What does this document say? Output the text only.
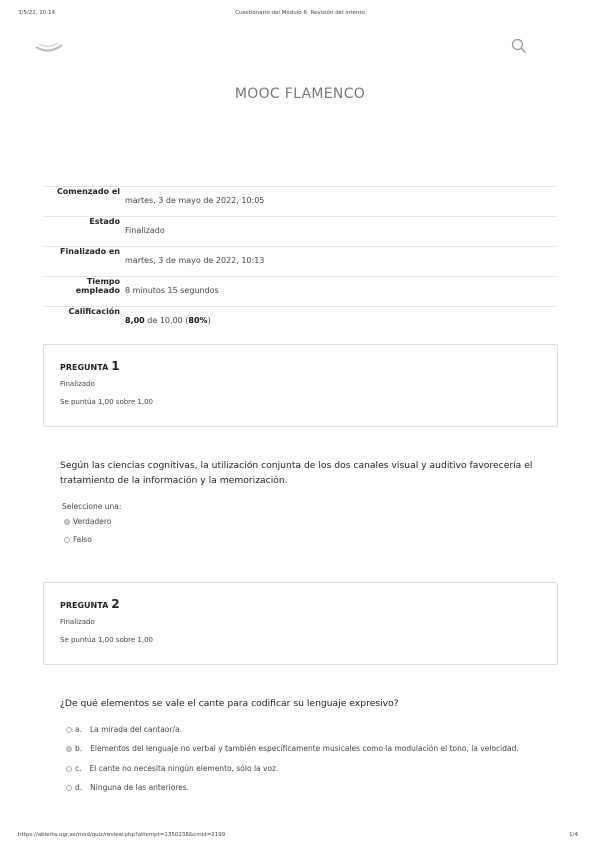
3/5/22, 10:14	Cuestionario del Módulo 6: Revisión del intento
https://abierta.ugr.es/mod/quiz/review.php?attempt=1350238&cmid=2199	1/4
MOOC FLAMENCO
Comenzado el
martes, 3 de mayo de 2022, 10:05
Estado
Finalizado
Finalizado en
martes, 3 de mayo de 2022, 10:13
Tiempo empleado 8 minutos 15 segundos
Calificación
8,00 de 10,00 (80%)
PREGUNTA 1
Finalizado
Se puntúa 1,00 sobre 1,00
Según las ciencias cognitivas, la utilización conjunta de los dos canales visual y auditivo favorecería el tratamiento de la información y la memorización.
Seleccione una:
Verdadero
Falso
PREGUNTA 2
Finalizado
Se puntúa 1,00 sobre 1,00
¿De qué elementos se vale el cante para codificar su lenguaje expresivo?
a. La mirada del cantaor/a.
b. Elementos del lenguaje no verbal y también específicamente musicales como la modulación el tono, la velocidad.
c. El cante no necesita ningún elemento, sólo la voz.
d. Ninguna de las anteriores.
